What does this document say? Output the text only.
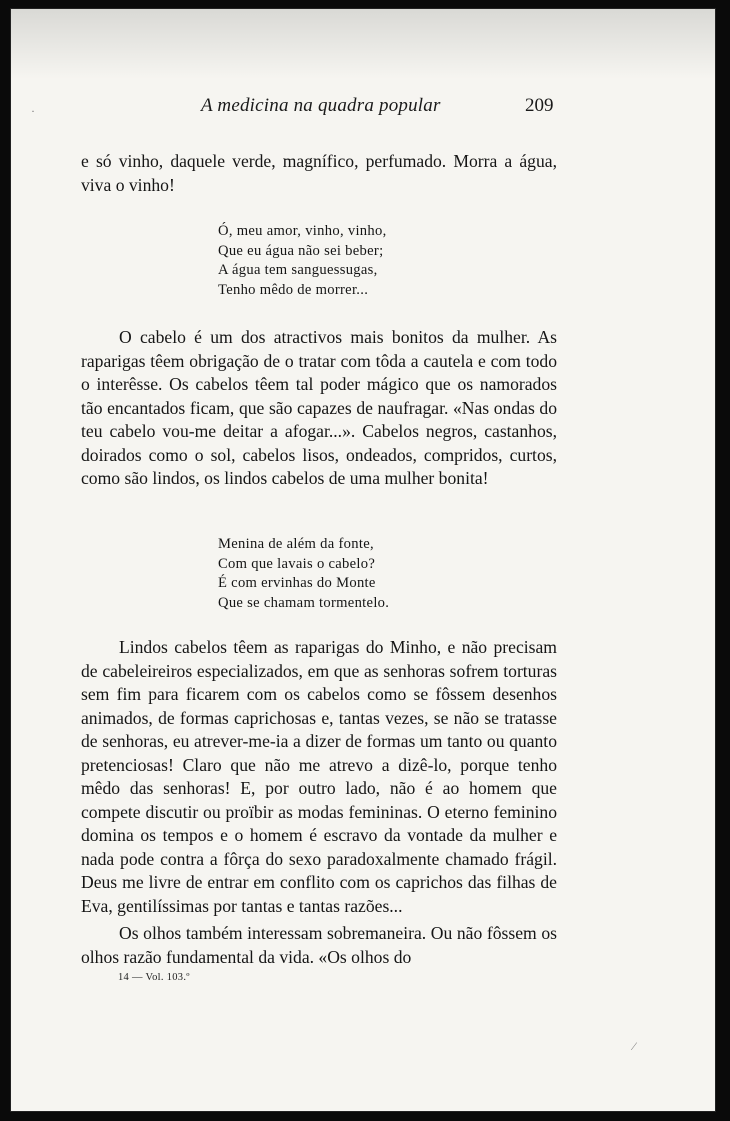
A medicina na quadra popular	209
e só vinho, daquele verde, magnífico, perfumado. Morra a água, viva o vinho!
Ó, meu amor, vinho, vinho,
Que eu água não sei beber;
A água tem sanguessugas,
Tenho mêdo de morrer...
O cabelo é um dos atractivos mais bonitos da mulher. As raparigas têem obrigação de o tratar com tôda a cautela e com todo o interêsse. Os cabelos têem tal poder mágico que os namorados tão encantados ficam, que são capazes de naufragar. «Nas ondas do teu cabelo vou-me deitar a afogar...». Cabelos negros, castanhos, doirados como o sol, cabelos lisos, ondeados, compridos, curtos, como são lindos, os lindos cabelos de uma mulher bonita!
Menina de além da fonte,
Com que lavais o cabelo?
É com ervinhas do Monte
Que se chamam tormentelo.
Lindos cabelos têem as raparigas do Minho, e não precisam de cabeleireiros especializados, em que as senhoras sofrem torturas sem fim para ficarem com os cabelos como se fôssem desenhos animados, de formas caprichosas e, tantas vezes, se não se tratasse de senhoras, eu atrever-me-ia a dizer de formas um tanto ou quanto pretenciosas! Claro que não me atrevo a dizê-lo, porque tenho mêdo das senhoras! E, por outro lado, não é ao homem que compete discutir ou proïbir as modas femininas. O eterno feminino domina os tempos e o homem é escravo da vontade da mulher e nada pode contra a fôrça do sexo paradoxalmente chamado frágil. Deus me livre de entrar em conflito com os caprichos das filhas de Eva, gentilíssimas por tantas e tantas razões...
Os olhos também interessam sobremaneira. Ou não fôssem os olhos razão fundamental da vida. «Os olhos do
14 — Vol. 103.º
·
⁄
